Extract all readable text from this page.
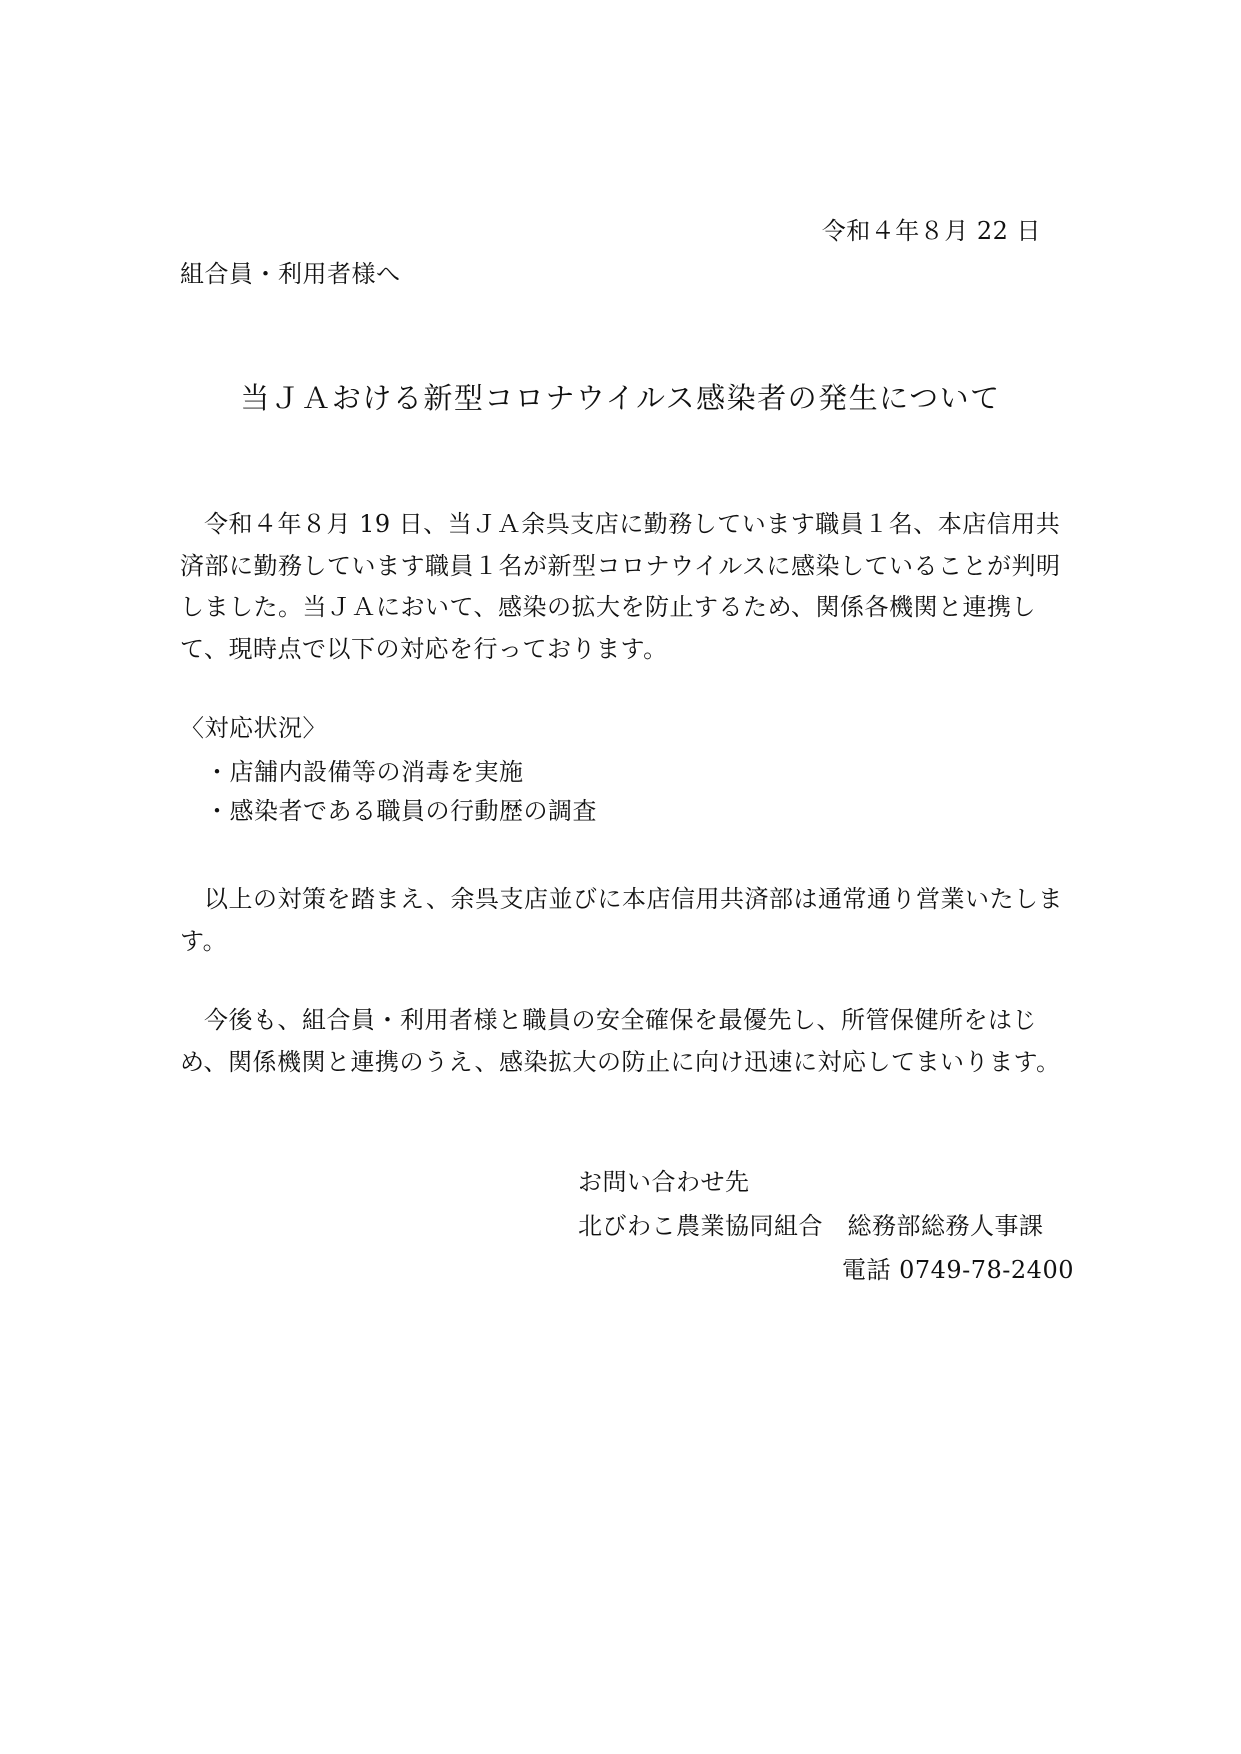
令和４年８月 22 日
組合員・利用者様へ
当ＪＡおける新型コロナウイルス感染者の発生について

令和４年８月 19 日、当ＪＡ余呉支店に勤務しています職員１名、本店信用共済部に勤務しています職員１名が新型コロナウイルスに感染していることが判明しました。当ＪＡにおいて、感染の拡大を防止するため、関係各機関と連携して、現時点で以下の対応を行っております。

〈対応状況〉
・店舗内設備等の消毒を実施
・感染者である職員の行動歴の調査

以上の対策を踏まえ、余呉支店並びに本店信用共済部は通常通り営業いたします。

今後も、組合員・利用者様と職員の安全確保を最優先し、所管保健所をはじめ、関係機関と連携のうえ、感染拡大の防止に向け迅速に対応してまいります。

お問い合わせ先
北びわこ農業協同組合　総務部総務人事課
電話 0749-78-2400
